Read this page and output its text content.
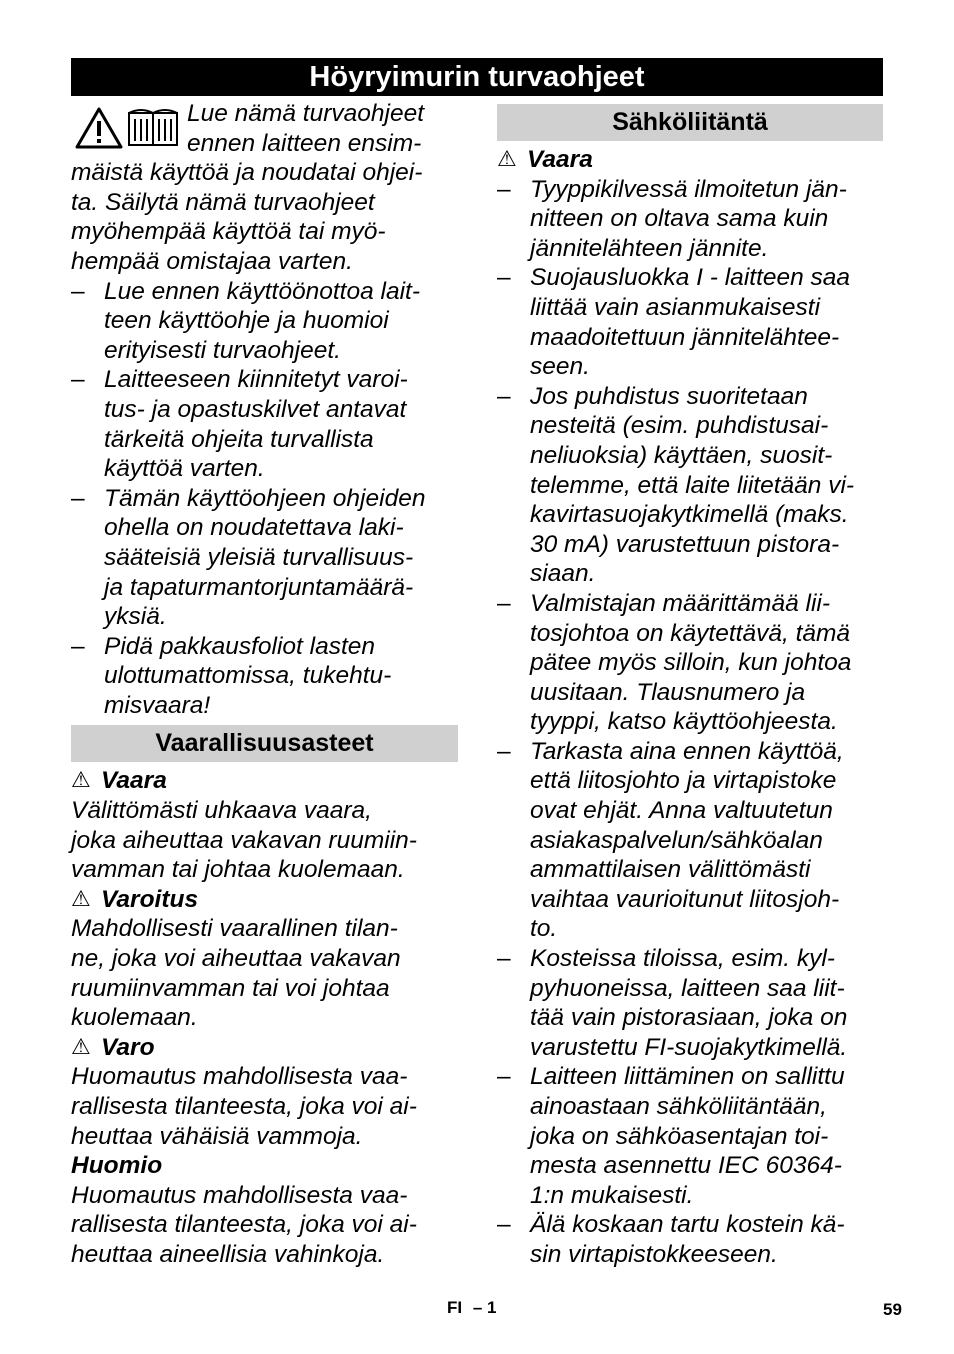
Höyryimurin turvaohjeet
Lue nämä turvaohjeet
ennen laitteen ensim-
mäistä käyttöä ja noudatai ohjei-
ta. Säilytä nämä turvaohjeet
myöhempää käyttöä tai myö-
hempää omistajaa varten.
– Lue ennen käyttöönottoa lait-
teen käyttöohje ja huomioi
erityisesti turvaohjeet.
– Laitteeseen kiinnitetyt varoi-
tus- ja opastuskilvet antavat
tärkeitä ohjeita turvallista
käyttöä varten.
– Tämän käyttöohjeen ohjeiden
ohella on noudatettava laki-
sääteisiä yleisiä turvallisuus-
ja tapaturmantorjuntamäärä-
yksiä.
– Pidä pakkausfoliot lasten
ulottumattomissa, tukehtu-
misvaara!
Vaarallisuusasteet
⚠ Vaara
Välittömästi uhkaava vaara,
joka aiheuttaa vakavan ruumiin-
vamman tai johtaa kuolemaan.
⚠ Varoitus
Mahdollisesti vaarallinen tilan-
ne, joka voi aiheuttaa vakavan
ruumiinvamman tai voi johtaa
kuolemaan.
⚠ Varo
Huomautus mahdollisesta vaa-
rallisesta tilanteesta, joka voi ai-
heuttaa vähäisiä vammoja.
Huomio
Huomautus mahdollisesta vaa-
rallisesta tilanteesta, joka voi ai-
heuttaa aineellisia vahinkoja.
Sähköliitäntä
⚠ Vaara
– Tyyppikilvessä ilmoitetun jän-
nitteen on oltava sama kuin
jännitelähteen jännite.
– Suojausluokka I - laitteen saa
liittää vain asianmukaisesti
maadoitettuun jännitelähtee-
seen.
– Jos puhdistus suoritetaan
nesteitä (esim. puhdistusai-
neliuoksia) käyttäen, suosit-
telemme, että laite liitetään vi-
kavirtasuojakytkimellä (maks.
30 mA) varustettuun pistora-
siaan.
– Valmistajan määrittämää lii-
tosjohtoa on käytettävä, tämä
pätee myös silloin, kun johtoa
uusitaan. Tlausnumero ja
tyyppi, katso käyttöohjeesta.
– Tarkasta aina ennen käyttöä,
että liitosjohto ja virtapistoke
ovat ehjät. Anna valtuutetun
asiakaspalvelun/sähköalan
ammattilaisen välittömästi
vaihtaa vaurioitunut liitosjoh-
to.
– Kosteissa tiloissa, esim. kyl-
pyhuoneissa, laitteen saa liit-
tää vain pistorasiaan, joka on
varustettu FI-suojakytkimellä.
– Laitteen liittäminen on sallittu
ainoastaan sähköliitäntään,
joka on sähköasentajan toi-
mesta asennettu IEC 60364-
1:n mukaisesti.
– Älä koskaan tartu kostein kä-
sin virtapistokkeeseen.
FI – 1	59
